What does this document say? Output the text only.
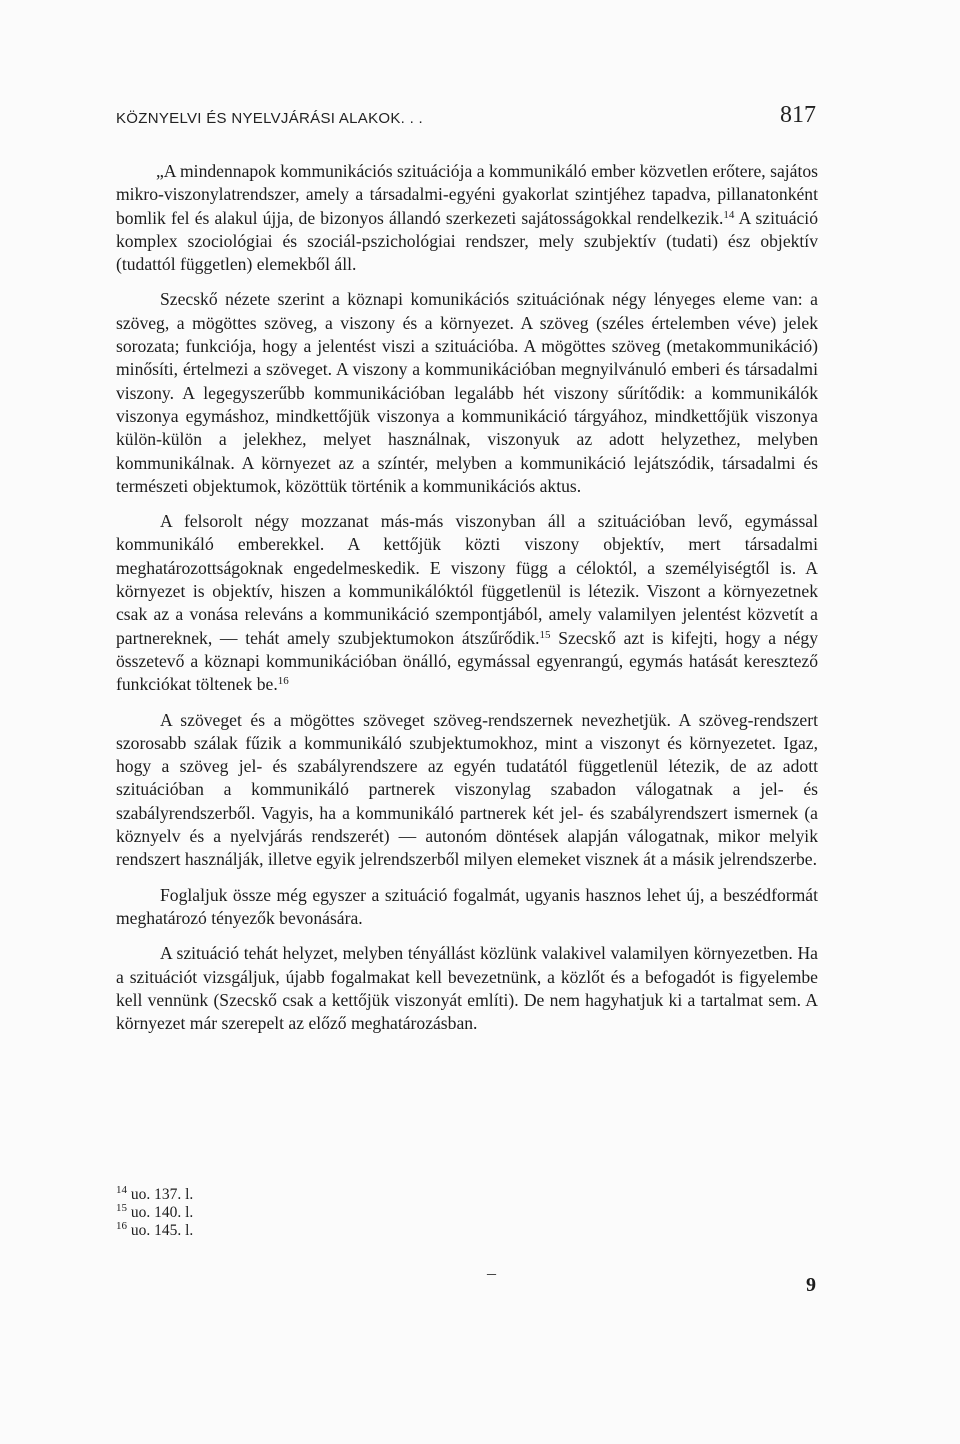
KÖZNYELVI ÉS NYELVJÁRÁSI ALAKOK. . .	817

„A mindennapok kommunikációs szituációja a kommunikáló ember közvetlen erőtere, sajátos mikro-viszonylatrendszer, amely a társadalmi-egyéni gyakorlat szintjéhez tapadva, pillanatonként bomlik fel és alakul újja, de bizonyos állandó szerkezeti sajátosságokkal rendelkezik.$^{14}$ A szituáció komplex szociológiai és szociál-pszichológiai rendszer, mely szubjektív (tudati) ész objektív (tudattól független) elemekből áll.

Szecskő nézete szerint a köznapi komunikációs szituációnak négy lényeges eleme van: a szöveg, a mögöttes szöveg, a viszony és a környezet. A szöveg (széles értelemben véve) jelek sorozata; funkciója, hogy a jelentést viszi a szituációba. A mögöttes szöveg (metakommunikáció) minősíti, értelmezi a szöveget. A viszony a kommunikációban megnyilvánuló emberi és társadalmi viszony. A legegyszerűbb kommunikációban legalább hét viszony sűrítődik: a kommunikálók viszonya egymáshoz, mindkettőjük viszonya a kommunikáció tárgyához, mindkettőjük viszonya külön-külön a jelekhez, melyet használnak, viszonyuk az adott helyzethez, melyben kommunikálnak. A környezet az a színtér, melyben a kommunikáció lejátszódik, társadalmi és természeti objektumok, közöttük történik a kommunikációs aktus.

A felsorolt négy mozzanat más-más viszonyban áll a szituációban levő, egymással kommunikáló emberekkel. A kettőjük közti viszony objektív, mert társadalmi meghatározottságoknak engedelmeskedik. E viszony függ a céloktól, a személyiségtől is. A környezet is objektív, hiszen a kommunikálóktól függetlenül is létezik. Viszont a környezetnek csak az a vonása releváns a kommunikáció szempontjából, amely valamilyen jelentést közvetít a partnereknek, — tehát amely szubjektumokon átszűrődik.$^{15}$ Szecskő azt is kifejti, hogy a négy összetevő a köznapi kommunikációban önálló, egymással egyenrangú, egymás hatását keresztező funkciókat töltenek be.$^{16}$

A szöveget és a mögöttes szöveget szöveg-rendszernek nevezhetjük. A szöveg-rendszert szorosabb szálak fűzik a kommunikáló szubjektumokhoz, mint a viszonyt és környezetet. Igaz, hogy a szöveg jel- és szabályrendszere az egyén tudatától függetlenül létezik, de az adott szituációban a kommunikáló partnerek viszonylag szabadon válogatnak a jel- és szabályrendszerből. Vagyis, ha a kommunikáló partnerek két jel- és szabályrendszert ismernek (a köznyelv és a nyelvjárás rendszerét) — autonóm döntések alapján válogatnak, mikor melyik rendszert használják, illetve egyik jelrendszerből milyen elemeket visznek át a másik jelrendszerbe.

Foglaljuk össze még egyszer a szituáció fogalmát, ugyanis hasznos lehet új, a beszédformát meghatározó tényezők bevonására.

A szituáció tehát helyzet, melyben tényállást közlünk valakivel valamilyen környezetben. Ha a szituációt vizsgáljuk, újabb fogalmakat kell bevezetnünk, a közlőt és a befogadót is figyelembe kell vennünk (Szecskő csak a kettőjük viszonyát említi). De nem hagyhatjuk ki a tartalmat sem. A környezet már szerepelt az előző meghatározásban.

$^{14}$ uo. 137. l.
$^{15}$ uo. 140. l.
$^{16}$ uo. 145. l.
–
9
